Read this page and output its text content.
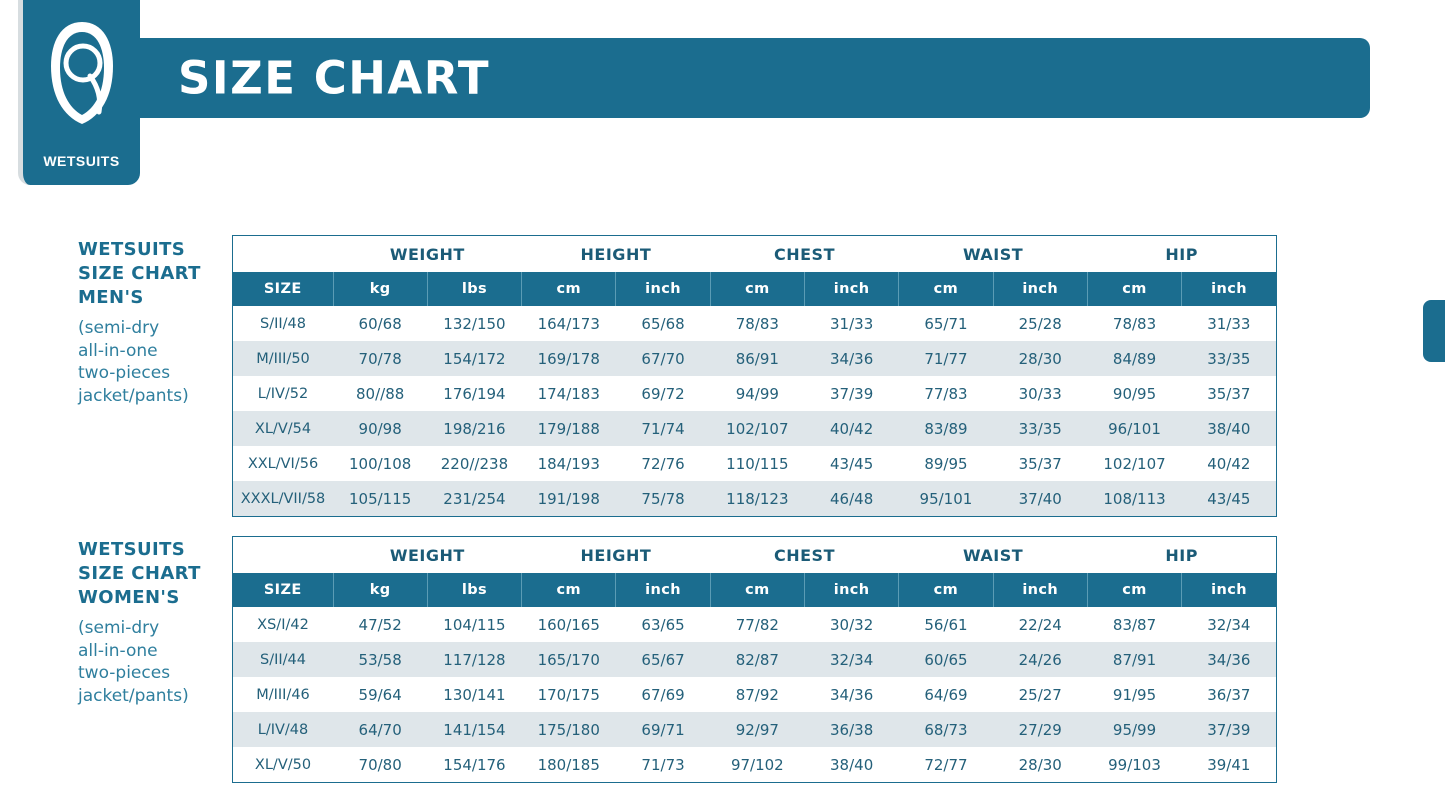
WETSUITS
SIZE CHART
WETSUITS
SIZE CHART
MEN'S
(semi-dry
all-in-one
two-pieces
jacket/pants)
	WEIGHT		HEIGHT		CHEST		WAIST		HIP	
SIZE	kg	lbs	cm	inch	cm	inch	cm	inch	cm	inch
S/II/48	60/68	132/150	164/173	65/68	78/83	31/33	65/71	25/28	78/83	31/33
M/III/50	70/78	154/172	169/178	67/70	86/91	34/36	71/77	28/30	84/89	33/35
L/IV/52	80//88	176/194	174/183	69/72	94/99	37/39	77/83	30/33	90/95	35/37
XL/V/54	90/98	198/216	179/188	71/74	102/107	40/42	83/89	33/35	96/101	38/40
XXL/VI/56	100/108	220//238	184/193	72/76	110/115	43/45	89/95	35/37	102/107	40/42
XXXL/VII/58	105/115	231/254	191/198	75/78	118/123	46/48	95/101	37/40	108/113	43/45
WETSUITS
SIZE CHART
WOMEN'S
(semi-dry
all-in-one
two-pieces
jacket/pants)
	WEIGHT		HEIGHT		CHEST		WAIST		HIP	
SIZE	kg	lbs	cm	inch	cm	inch	cm	inch	cm	inch
XS/I/42	47/52	104/115	160/165	63/65	77/82	30/32	56/61	22/24	83/87	32/34
S/II/44	53/58	117/128	165/170	65/67	82/87	32/34	60/65	24/26	87/91	34/36
M/III/46	59/64	130/141	170/175	67/69	87/92	34/36	64/69	25/27	91/95	36/37
L/IV/48	64/70	141/154	175/180	69/71	92/97	36/38	68/73	27/29	95/99	37/39
XL/V/50	70/80	154/176	180/185	71/73	97/102	38/40	72/77	28/30	99/103	39/41
